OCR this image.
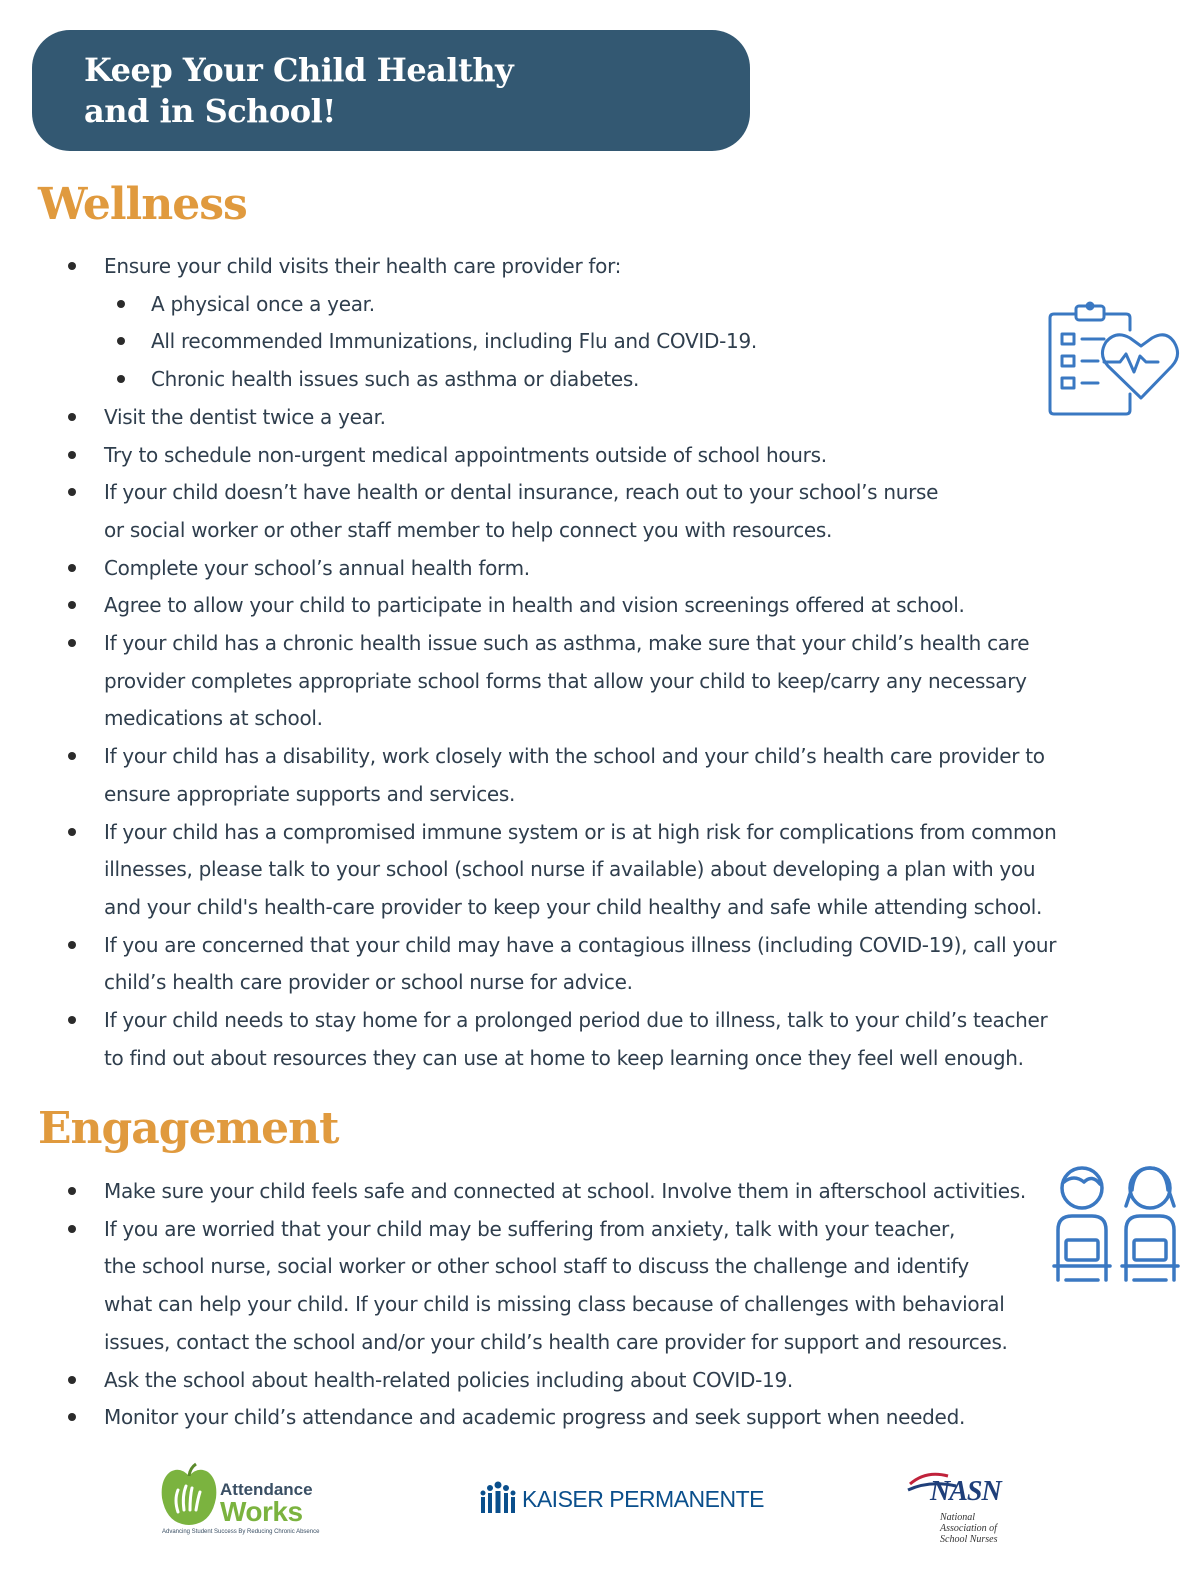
Keep Your Child Healthy
and in School!
Wellness
Ensure your child visits their health care provider for:
A physical once a year.
All recommended Immunizations, including Flu and COVID-19.
Chronic health issues such as asthma or diabetes.
Visit the dentist twice a year.
Try to schedule non-urgent medical appointments outside of school hours.
If your child doesn’t have health or dental insurance, reach out to your school’s nurse
or social worker or other staff member to help connect you with resources.
Complete your school’s annual health form.
Agree to allow your child to participate in health and vision screenings offered at school.
If your child has a chronic health issue such as asthma, make sure that your child’s health care
provider completes appropriate school forms that allow your child to keep/carry any necessary
medications at school.
If your child has a disability, work closely with the school and your child’s health care provider to
ensure appropriate supports and services.
If your child has a compromised immune system or is at high risk for complications from common
illnesses, please talk to your school (school nurse if available) about developing a plan with you
and your child's health-care provider to keep your child healthy and safe while attending school.
If you are concerned that your child may have a contagious illness (including COVID-19), call your
child’s health care provider or school nurse for advice.
If your child needs to stay home for a prolonged period due to illness, talk to your child’s teacher
to find out about resources they can use at home to keep learning once they feel well enough.
Engagement
Make sure your child feels safe and connected at school. Involve them in afterschool activities.
If you are worried that your child may be suffering from anxiety, talk with your teacher,
the school nurse, social worker or other school staff to discuss the challenge and identify
what can help your child. If your child is missing class because of challenges with behavioral
issues, contact the school and/or your child’s health care provider for support and resources.
Ask the school about health-related policies including about COVID-19.
Monitor your child’s attendance and academic progress and seek support when needed.
Attendance
Works
Advancing Student Success By Reducing Chronic Absence
KAISER PERMANENTE	NASN
National
Association of
School Nurses
